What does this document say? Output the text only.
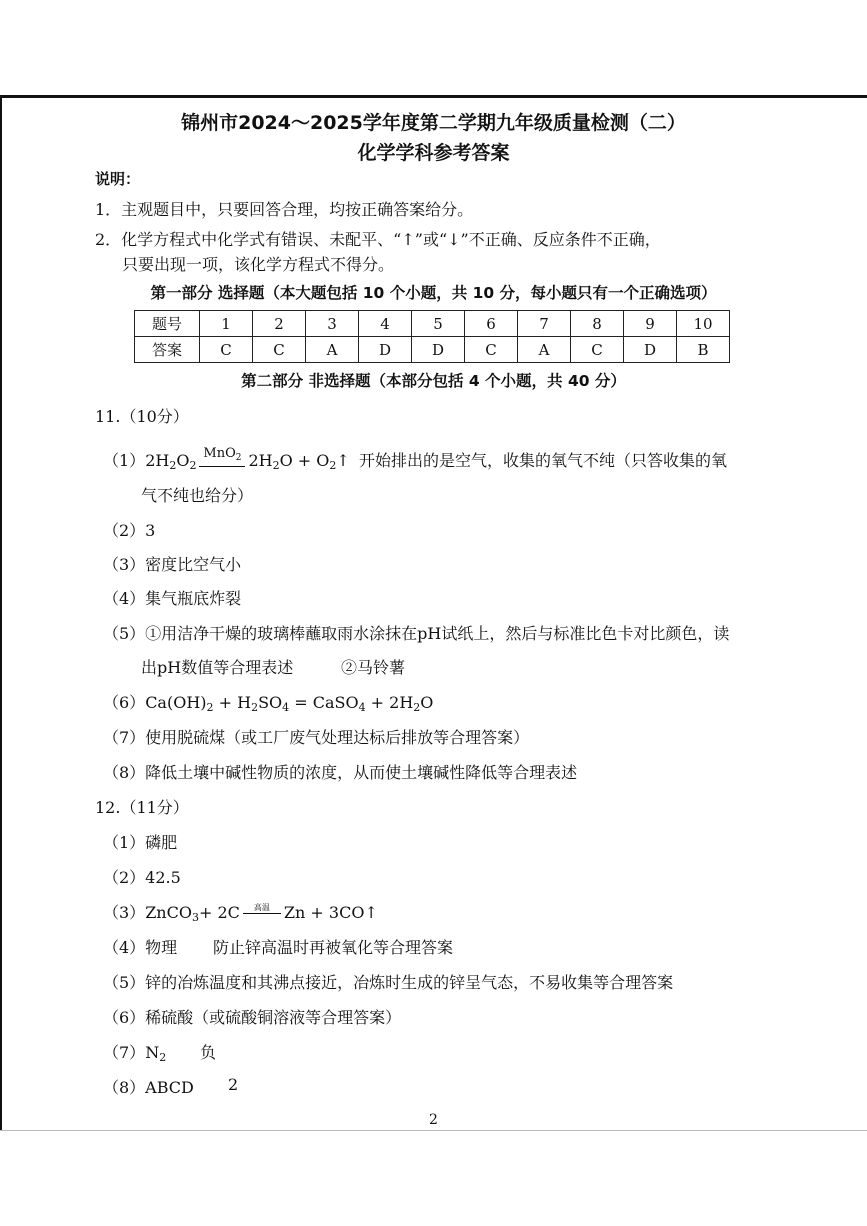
锦州市2024～2025学年度第二学期九年级质量检测（二）
化学学科参考答案
说明：
1．主观题目中，只要回答合理，均按正确答案给分。
2．化学方程式中化学式有错误、未配平、“↑”或“↓”不正确、反应条件不正确，
只要出现一项，该化学方程式不得分。
第一部分 选择题（本大题包括 10 个小题，共 10 分，每小题只有一个正确选项）
题号	1	2	3	4	5	6	7	8	9	10
答案	C	C	A	D	D	C	A	C	D	B
第二部分 非选择题（本部分包括 4 个小题，共 40 分）
11.（10分）
$(1)2H_2O_2$
MnO$_2$ $2H_2O$ + $O_2↑$ 开始排出的是空气，收集的氧气不纯（只答收集的氧
气不纯也给分）
（2）3
（3）密度比空气小
（4）集气瓶底炸裂
（5）①用洁净干燥的玻璃棒蘸取雨水涂抹在pH试纸上，然后与标准比色卡对比颜色，读
出pH数值等合理表述	②马铃薯
$(6)Ca(OH)_2 + H_2SO_4$ = CaSO$_4$ + $2H_2O$
（7）使用脱硫煤（或工厂废气处理达标后排放等合理答案）
（8）降低土壤中碱性物质的浓度，从而使土壤碱性降低等合理表述
12.（11分）
（1）磷肥
（2）42.5
（3）ZnCO$_3$+ 2C	高温 Zn + 3CO↑
（4）物理 防止锌高温时再被氧化等合理答案
（5）锌的冶炼温度和其沸点接近，冶炼时生成的锌呈气态，不易收集等合理答案
（6）稀硫酸（或硫酸铜溶液等合理答案）
$(7)N_2$ 负
（8）ABCD 2
2
